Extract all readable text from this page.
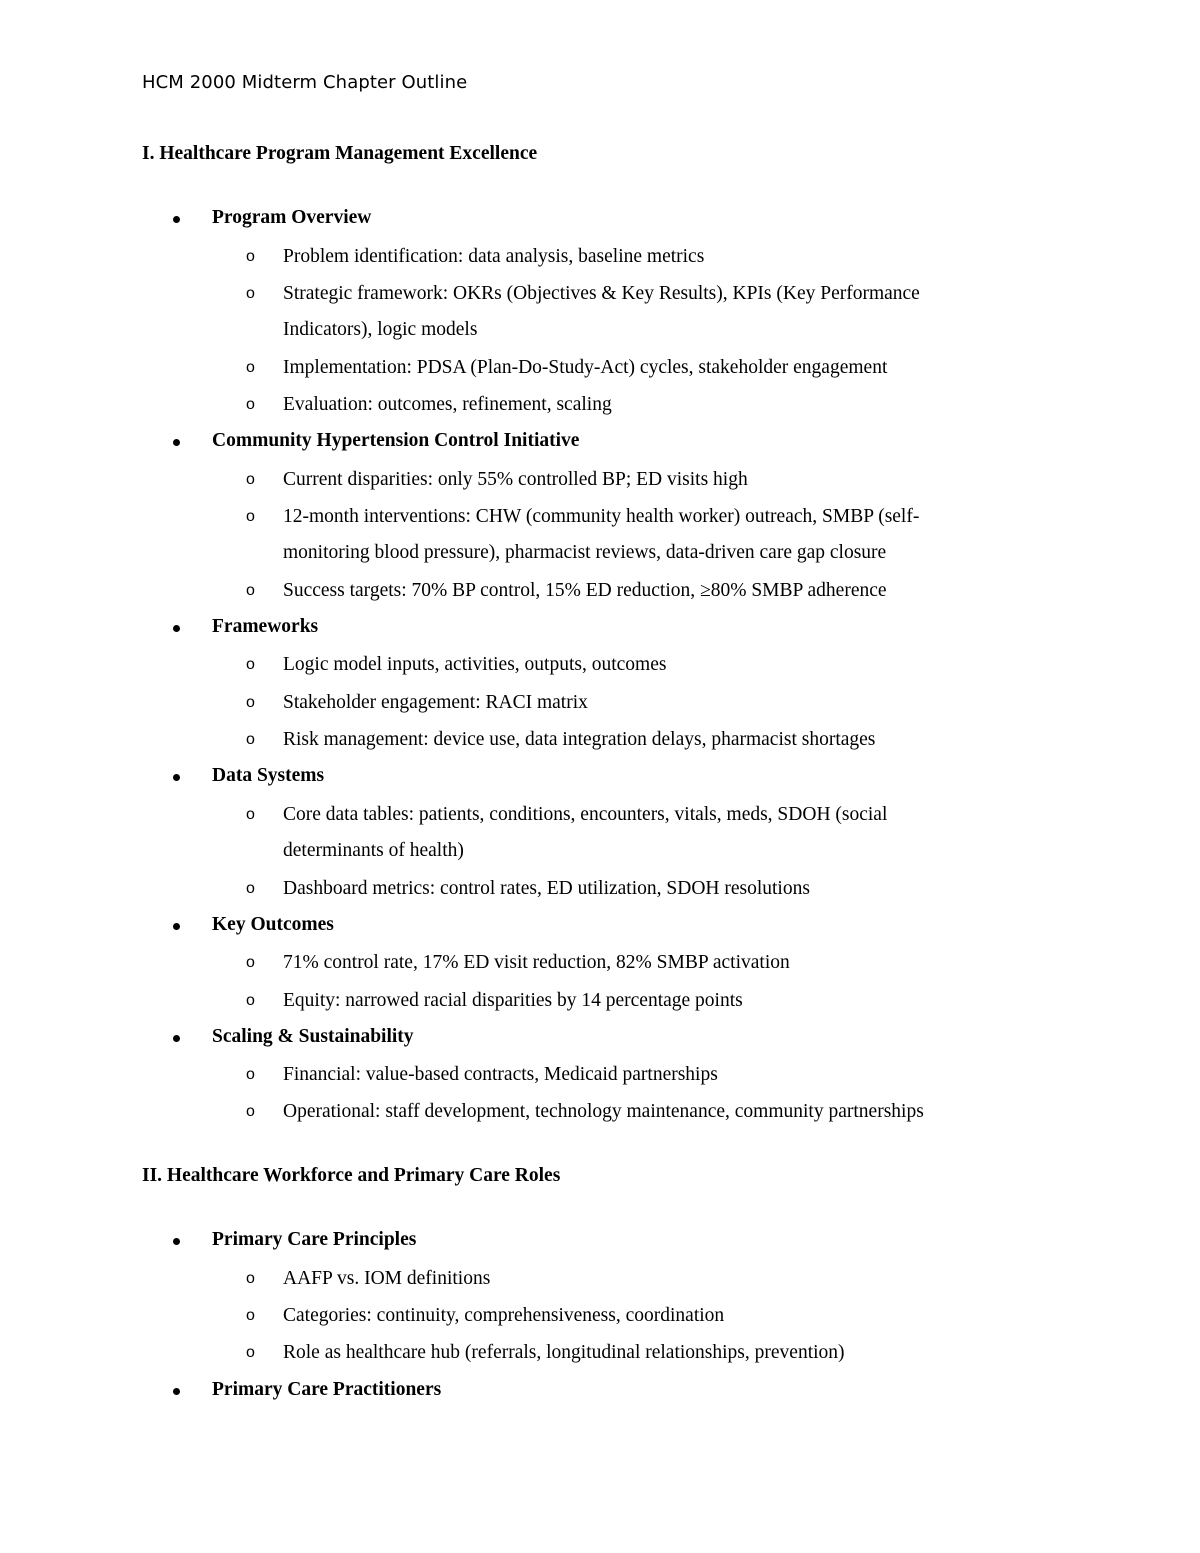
HCM 2000 Midterm Chapter Outline
I. Healthcare Program Management Excellence
Program Overview
o Problem identification: data analysis, baseline metrics
o Strategic framework: OKRs (Objectives & Key Results), KPIs (Key Performance
Indicators), logic models
o Implementation: PDSA (Plan-Do-Study-Act) cycles, stakeholder engagement
o Evaluation: outcomes, refinement, scaling
Community Hypertension Control Initiative
o Current disparities: only 55% controlled BP; ED visits high
o 12-month interventions: CHW (community health worker) outreach, SMBP (self-
monitoring blood pressure), pharmacist reviews, data-driven care gap closure
o Success targets: 70% BP control, 15% ED reduction, ≥80% SMBP adherence
Frameworks
o Logic model inputs, activities, outputs, outcomes
o Stakeholder engagement: RACI matrix
o Risk management: device use, data integration delays, pharmacist shortages
Data Systems
o Core data tables: patients, conditions, encounters, vitals, meds, SDOH (social
determinants of health)
o Dashboard metrics: control rates, ED utilization, SDOH resolutions
Key Outcomes
o 71% control rate, 17% ED visit reduction, 82% SMBP activation
o Equity: narrowed racial disparities by 14 percentage points
Scaling & Sustainability
o Financial: value-based contracts, Medicaid partnerships
o Operational: staff development, technology maintenance, community partnerships
II. Healthcare Workforce and Primary Care Roles
Primary Care Principles
o AAFP vs. IOM definitions
o Categories: continuity, comprehensiveness, coordination
o Role as healthcare hub (referrals, longitudinal relationships, prevention)
Primary Care Practitioners
